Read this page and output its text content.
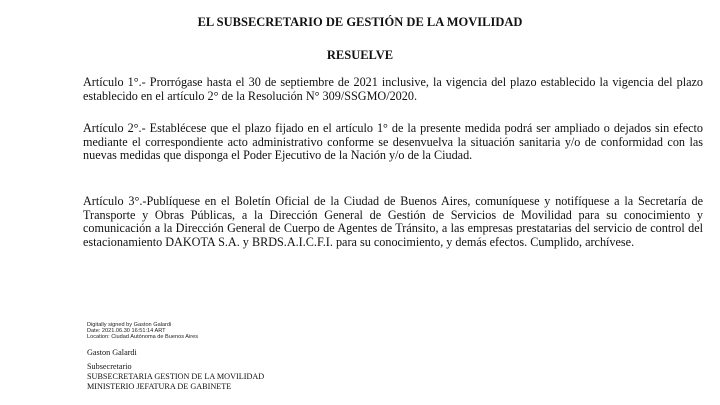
EL SUBSECRETARIO DE GESTIÓN DE LA MOVILIDAD
RESUELVE
Artículo 1°.- Prorrógase hasta el 30 de septiembre de 2021 inclusive, la vigencia del plazo establecido la vigencia del plazo establecido en el artículo 2° de la Resolución N° 309/SSGMO/2020.
Artículo 2°.- Establécese que el plazo fijado en el artículo 1° de la presente medida podrá ser ampliado o dejados sin efecto mediante el correspondiente acto administrativo conforme se desenvuelva la situación sanitaria y/o de conformidad con las nuevas medidas que disponga el Poder Ejecutivo de la Nación y/o de la Ciudad.
Artículo 3°.-Publíquese en el Boletín Oficial de la Ciudad de Buenos Aires, comuníquese y notifíquese a la Secretaría de Transporte y Obras Públicas, a la Dirección General de Gestión de Servicios de Movilidad para su conocimiento y comunicación a la Dirección General de Cuerpo de Agentes de Tránsito, a las empresas prestatarias del servicio de control del estacionamiento DAKOTA S.A. y BRDS.A.I.C.F.I. para su conocimiento, y demás efectos. Cumplido, archívese.
Digitally signed by Gaston Galardi
Date: 2021.06.30 16:51:14 ART
Location: Ciudad Autónoma de Buenos Aires
Gaston Galardi
Subsecretario
SUBSECRETARIA GESTION DE LA MOVILIDAD
MINISTERIO JEFATURA DE GABINETE
